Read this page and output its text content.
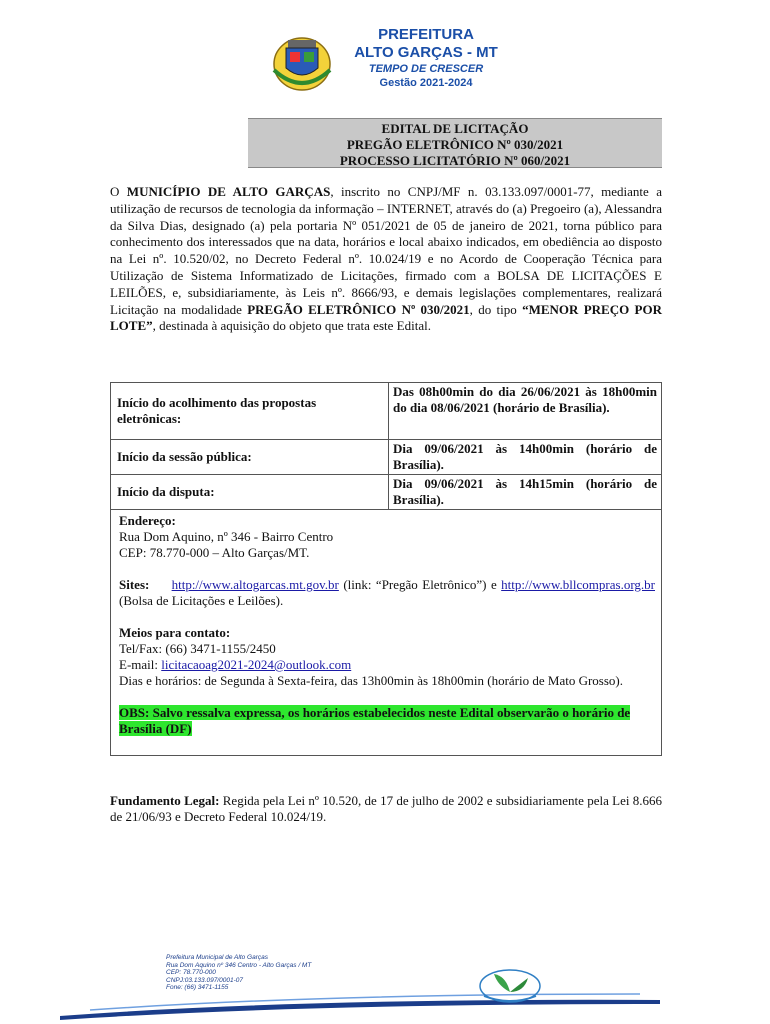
PREFEITURA
ALTO GARÇAS - MT
TEMPO DE CRESCER
Gestão 2021-2024
EDITAL DE LICITAÇÃO
PREGÃO ELETRÔNICO Nº 030/2021
PROCESSO LICITATÓRIO Nº 060/2021
O MUNICÍPIO DE ALTO GARÇAS, inscrito no CNPJ/MF n. 03.133.097/0001-77, mediante a utilização de recursos de tecnologia da informação – INTERNET, através do (a) Pregoeiro (a), Alessandra da Silva Dias, designado (a) pela portaria Nº 051/2021 de 05 de janeiro de 2021, torna público para conhecimento dos interessados que na data, horários e local abaixo indicados, em obediência ao disposto na Lei nº. 10.520/02, no Decreto Federal nº. 10.024/19 e no Acordo de Cooperação Técnica para Utilização de Sistema Informatizado de Licitações, firmado com a BOLSA DE LICITAÇÕES E LEILÕES, e, subsidiariamente, às Leis nº. 8666/93, e demais legislações complementares, realizará Licitação na modalidade PREGÃO ELETRÔNICO Nº 030/2021, do tipo “MENOR PREÇO POR LOTE”, destinada à aquisição do objeto que trata este Edital.
Início do acolhimento das propostas eletrônicas:
Das 08h00min do dia 26/06/2021 às 18h00min do dia 08/06/2021 (horário de Brasília).
Início da sessão pública:
Dia 09/06/2021 às 14h00min (horário de Brasília).
Início da disputa:
Dia 09/06/2021 às 14h15min (horário de Brasília).

Endereço:

Rua Dom Aquino, nº 346 - Bairro Centro

CEP: 78.770-000 – Alto Garças/MT.

Sites: http://www.altogarcas.mt.gov.br (link: “Pregão Eletrônico”) e http://www.bllcompras.org.br (Bolsa de Licitações e Leilões).

Meios para contato:

Tel/Fax: (66) 3471-1155/2450

E-mail: licitacaoag2021-2024@outlook.com

Dias e horários: de Segunda à Sexta-feira, das 13h00min às 18h00min (horário de Mato Grosso).

OBS: Salvo ressalva expressa, os horários estabelecidos neste Edital observarão o horário de Brasília (DF)

Fundamento Legal: Regida pela Lei nº 10.520, de 17 de julho de 2002 e subsidiariamente pela Lei 8.666 de 21/06/93 e Decreto Federal 10.024/19.
Prefeitura Municipal de Alto Garças
Rua Dom Aquino nº 346 Centro - Alto Garças / MT
CEP: 78.770-000
CNPJ:03.133.097/0001-07
Fone: (66) 3471-1155
